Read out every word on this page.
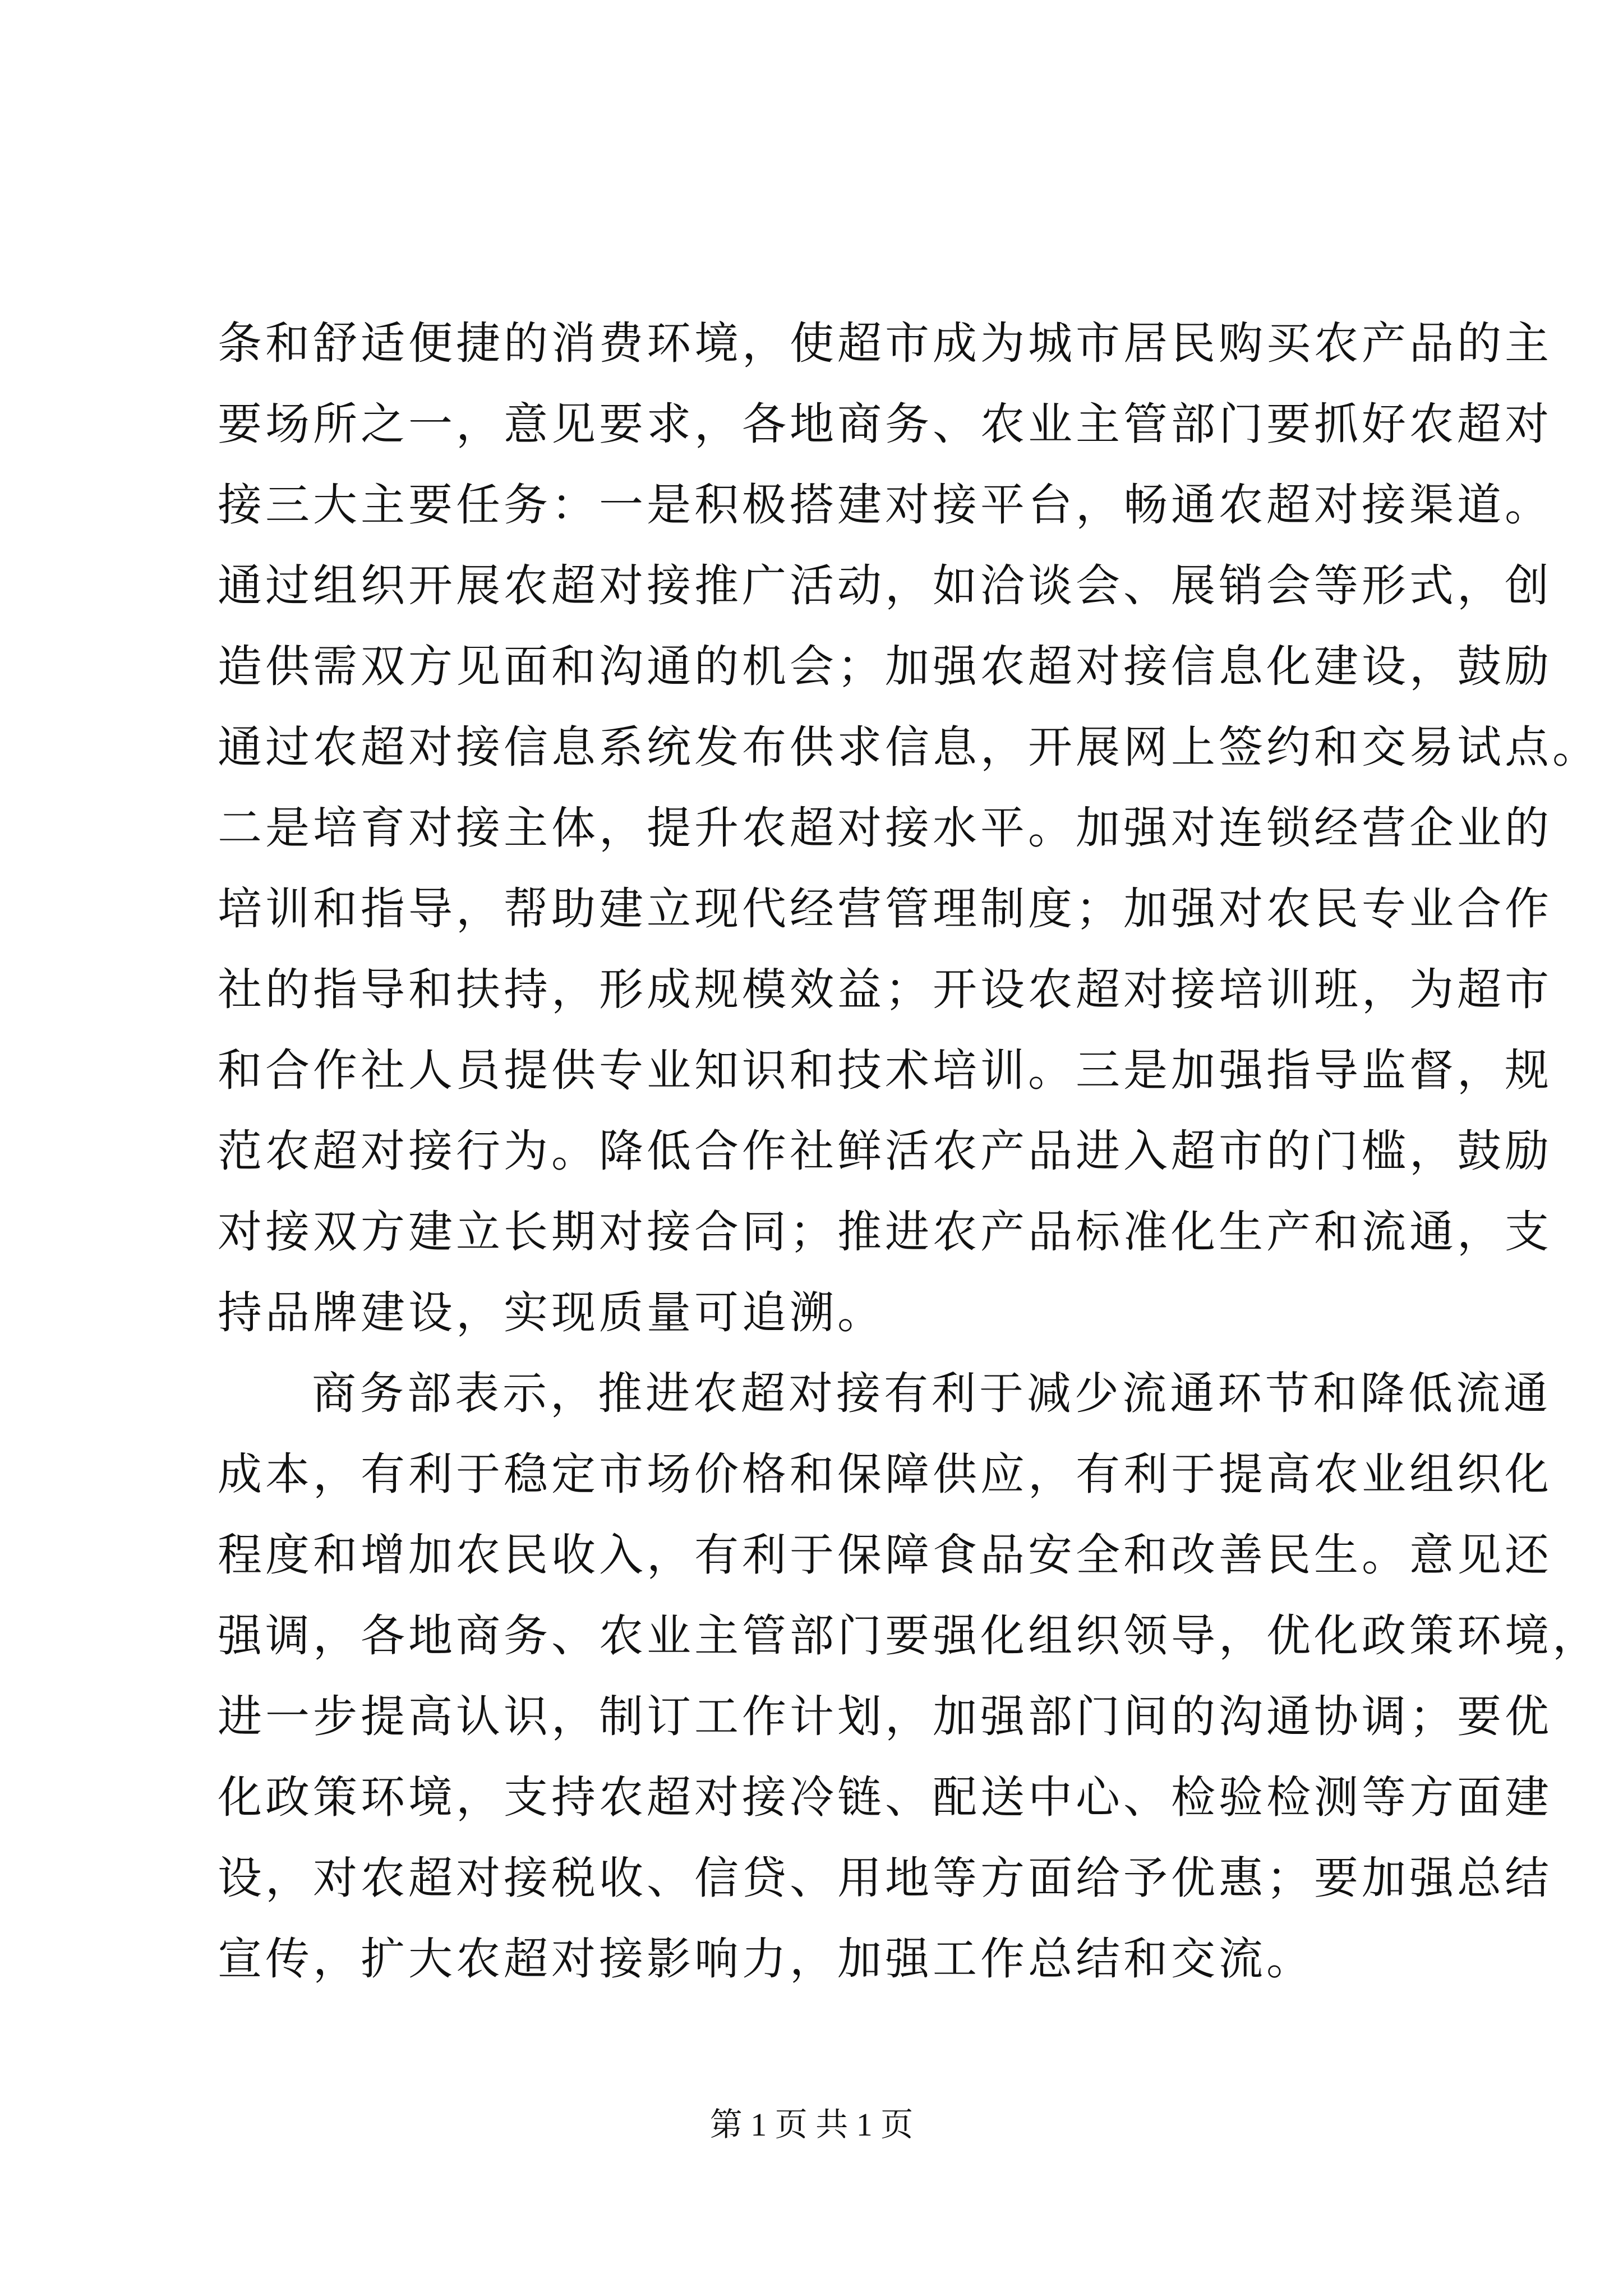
条和舒适便捷的消费环境，使超市成为城市居民购买农产品的主
要场所之一，意见要求，各地商务、农业主管部门要抓好农超对
接三大主要任务：一是积极搭建对接平台，畅通农超对接渠道。
通过组织开展农超对接推广活动，如洽谈会、展销会等形式，创
造供需双方见面和沟通的机会；加强农超对接信息化建设，鼓励
通过农超对接信息系统发布供求信息，开展网上签约和交易试点。
二是培育对接主体，提升农超对接水平。加强对连锁经营企业的
培训和指导，帮助建立现代经营管理制度；加强对农民专业合作
社的指导和扶持，形成规模效益；开设农超对接培训班，为超市
和合作社人员提供专业知识和技术培训。三是加强指导监督，规
范农超对接行为。降低合作社鲜活农产品进入超市的门槛，鼓励
对接双方建立长期对接合同；推进农产品标准化生产和流通，支
持品牌建设，实现质量可追溯。
商务部表示，推进农超对接有利于减少流通环节和降低流通
成本，有利于稳定市场价格和保障供应，有利于提高农业组织化
程度和增加农民收入，有利于保障食品安全和改善民生。意见还
强调，各地商务、农业主管部门要强化组织领导，优化政策环境，
进一步提高认识，制订工作计划，加强部门间的沟通协调；要优
化政策环境，支持农超对接冷链、配送中心、检验检测等方面建
设，对农超对接税收、信贷、用地等方面给予优惠；要加强总结
宣传，扩大农超对接影响力，加强工作总结和交流。
第 1 页 共 1 页
